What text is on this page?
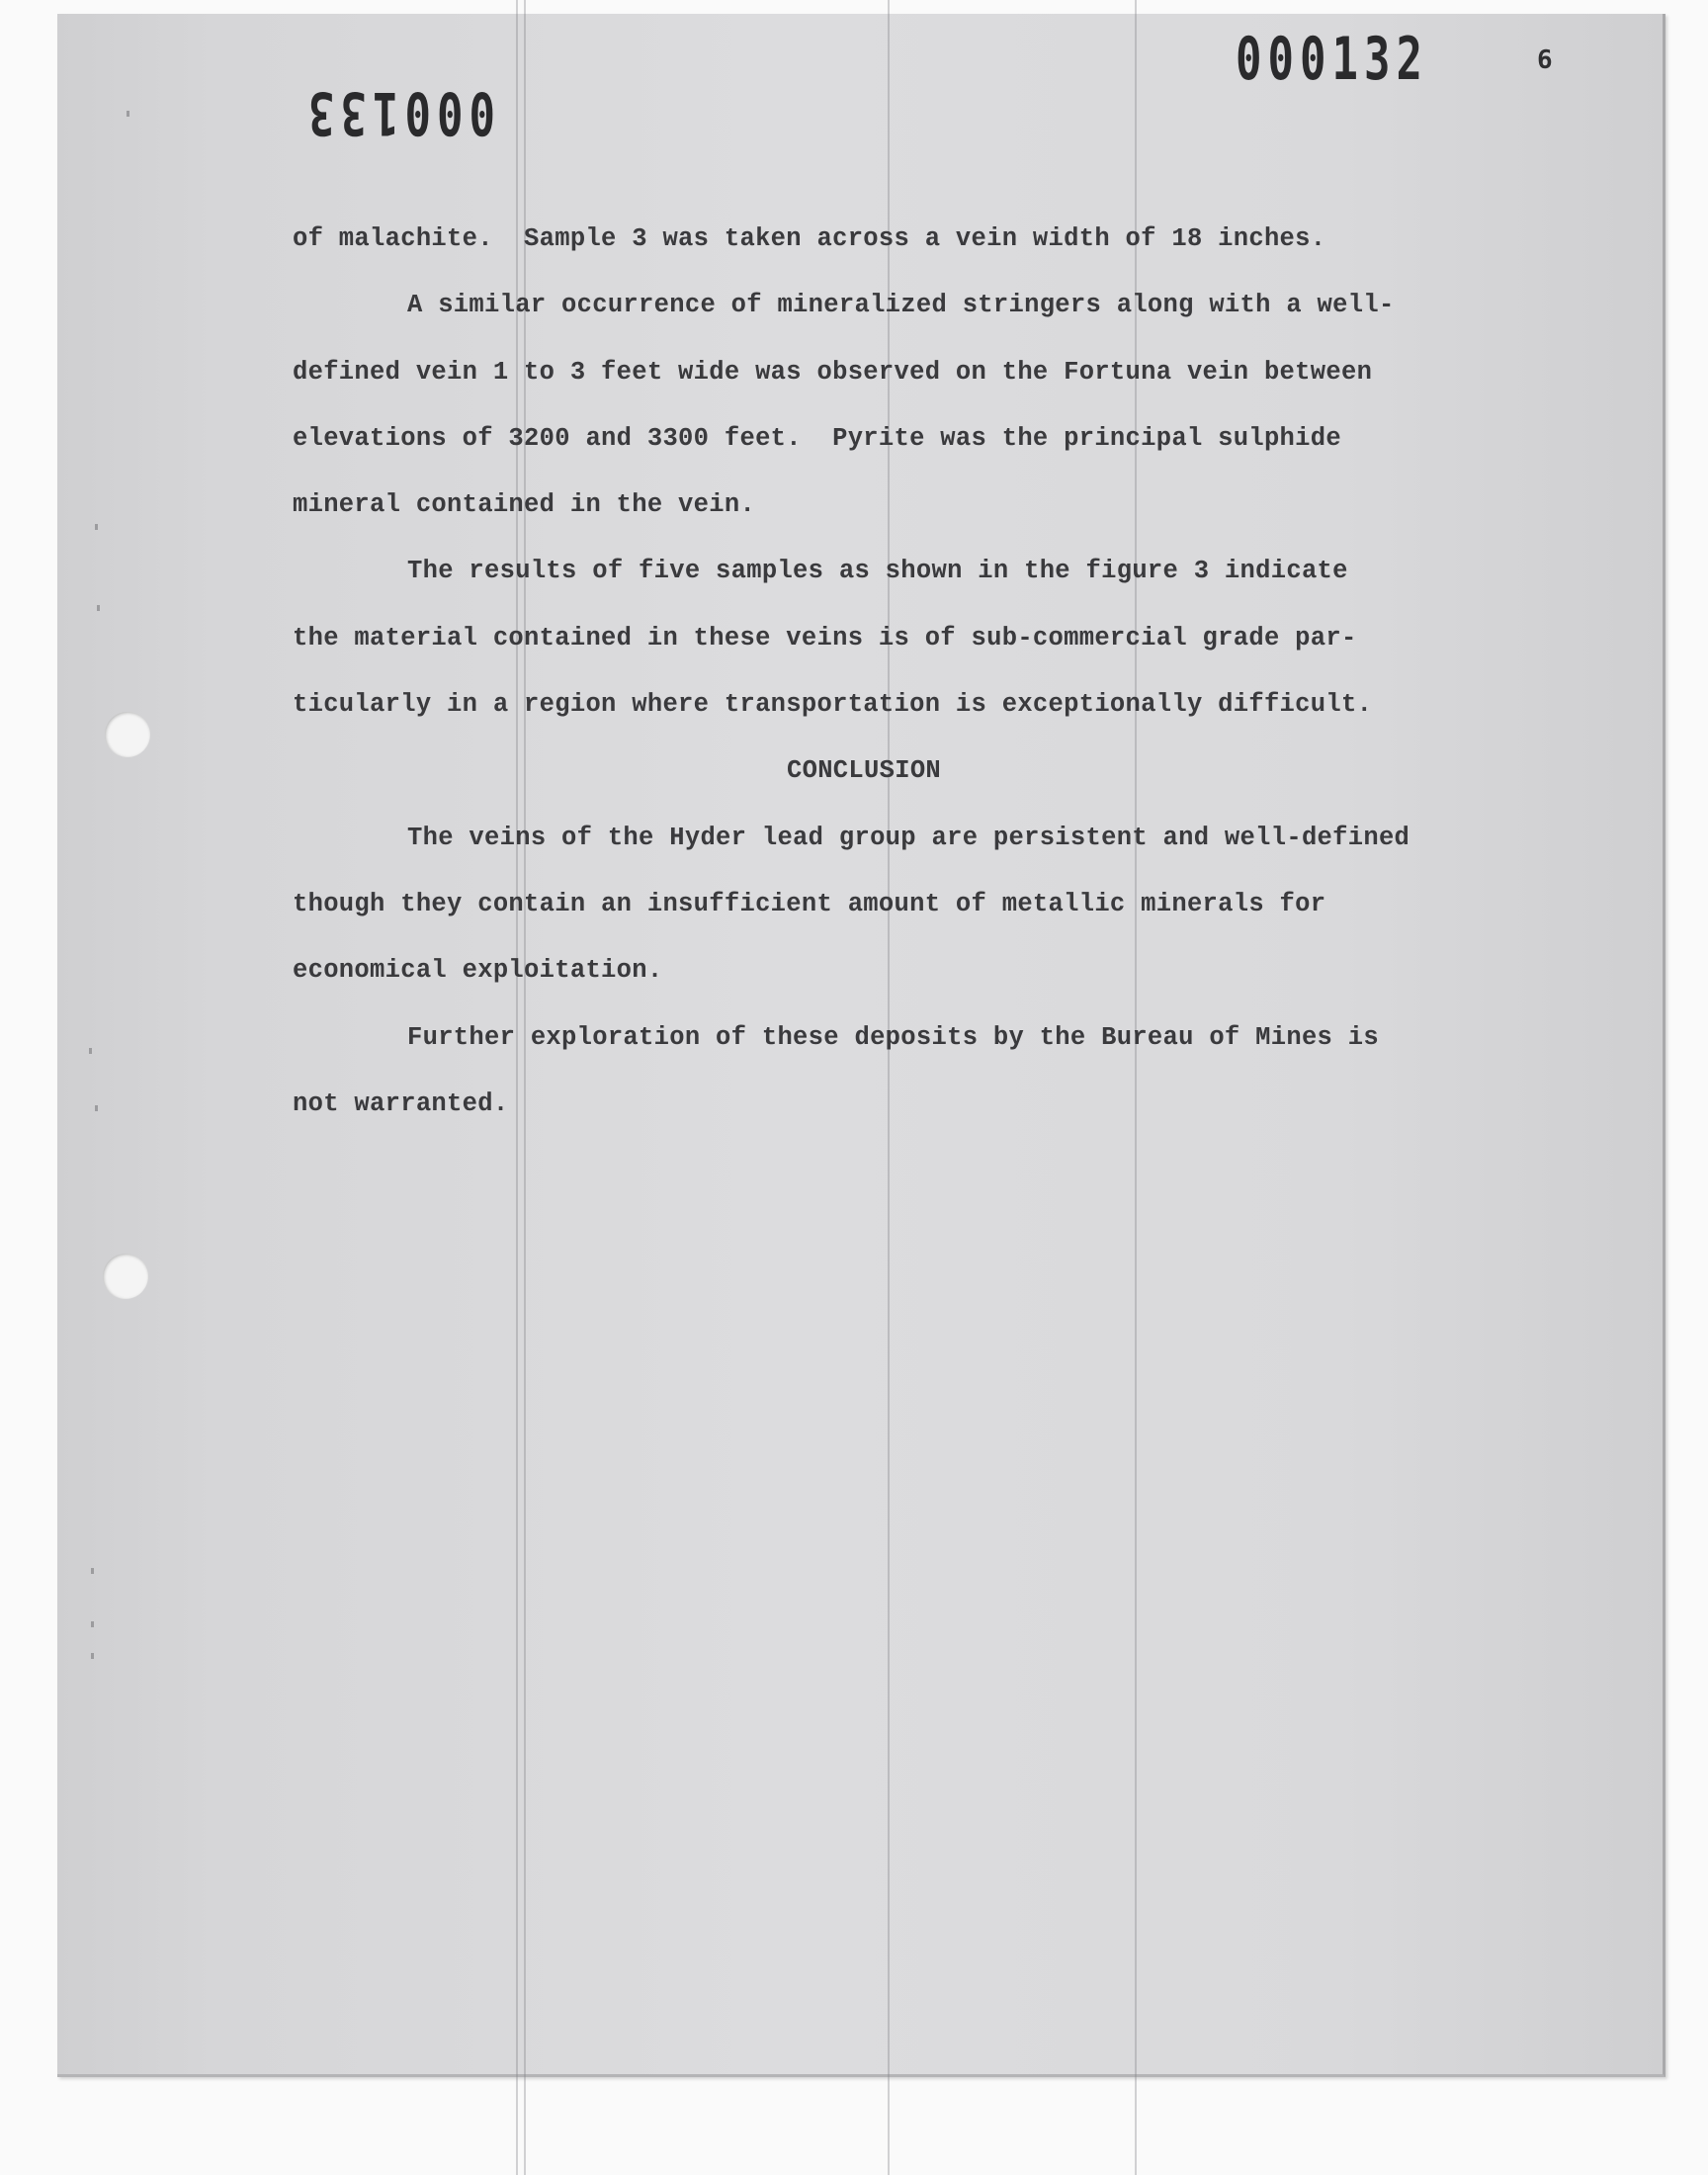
000132
000133
6
of malachite.  Sample 3 was taken across a vein width of 18 inches.
A similar occurrence of mineralized stringers along with a well-
defined vein 1 to 3 feet wide was observed on the Fortuna vein between
elevations of 3200 and 3300 feet.  Pyrite was the principal sulphide
mineral contained in the vein.
The results of five samples as shown in the figure 3 indicate
the material contained in these veins is of sub-commercial grade par-
ticularly in a region where transportation is exceptionally difficult.
CONCLUSION
The veins of the Hyder lead group are persistent and well-defined
though they contain an insufficient amount of metallic minerals for
economical exploitation.
Further exploration of these deposits by the Bureau of Mines is
not warranted.
